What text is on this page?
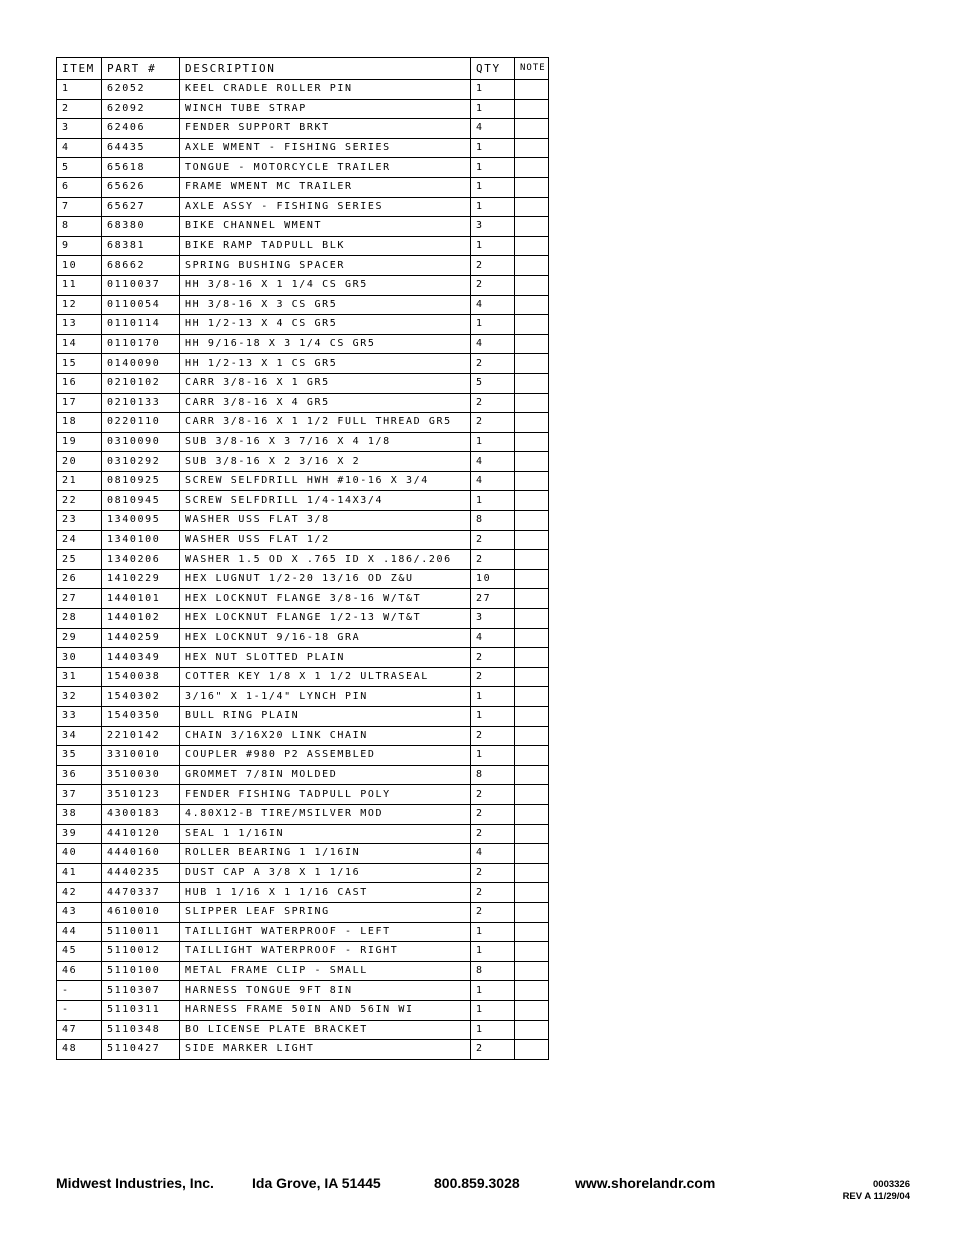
ITEM	PART #	DESCRIPTION	QTY	NOTE
1	62052	KEEL CRADLE ROLLER PIN	1	
2	62092	WINCH TUBE STRAP	1	
3	62406	FENDER SUPPORT BRKT	4	
4	64435	AXLE WMENT - FISHING SERIES	1	
5	65618	TONGUE - MOTORCYCLE TRAILER	1	
6	65626	FRAME WMENT MC TRAILER	1	
7	65627	AXLE ASSY - FISHING SERIES	1	
8	68380	BIKE CHANNEL WMENT	3	
9	68381	BIKE RAMP TADPULL BLK	1	
10	68662	SPRING BUSHING SPACER	2	
11	0110037	HH 3/8-16 X 1 1/4 CS GR5	2	
12	0110054	HH 3/8-16 X 3 CS GR5	4	
13	0110114	HH 1/2-13 X 4 CS GR5	1	
14	0110170	HH 9/16-18 X 3 1/4 CS GR5	4	
15	0140090	HH 1/2-13 X 1 CS GR5	2	
16	0210102	CARR 3/8-16 X 1 GR5	5	
17	0210133	CARR 3/8-16 X 4 GR5	2	
18	0220110	CARR 3/8-16 X 1 1/2 FULL THREAD GR5	2	
19	0310090	SUB 3/8-16 X 3 7/16 X 4 1/8	1	
20	0310292	SUB 3/8-16 X 2 3/16 X 2	4	
21	0810925	SCREW SELFDRILL HWH #10-16 X 3/4	4	
22	0810945	SCREW SELFDRILL 1/4-14X3/4	1	
23	1340095	WASHER USS FLAT 3/8	8	
24	1340100	WASHER USS FLAT 1/2	2	
25	1340206	WASHER 1.5 OD X .765 ID X .186/.206	2	
26	1410229	HEX LUGNUT 1/2-20 13/16 OD Z&U	10	
27	1440101	HEX LOCKNUT FLANGE 3/8-16 W/T&T	27	
28	1440102	HEX LOCKNUT FLANGE 1/2-13 W/T&T	3	
29	1440259	HEX LOCKNUT 9/16-18 GRA	4	
30	1440349	HEX NUT SLOTTED PLAIN	2	
31	1540038	COTTER KEY 1/8 X 1 1/2 ULTRASEAL	2	
32	1540302	3/16" X 1-1/4" LYNCH PIN	1	
33	1540350	BULL RING PLAIN	1	
34	2210142	CHAIN 3/16X20 LINK CHAIN	2	
35	3310010	COUPLER #980 P2 ASSEMBLED	1	
36	3510030	GROMMET 7/8IN MOLDED	8	
37	3510123	FENDER FISHING TADPULL POLY	2	
38	4300183	4.80X12-B TIRE/MSILVER MOD	2	
39	4410120	SEAL 1 1/16IN	2	
40	4440160	ROLLER BEARING 1 1/16IN	4	
41	4440235	DUST CAP A 3/8 X 1 1/16	2	
42	4470337	HUB 1 1/16 X 1 1/16 CAST	2	
43	4610010	SLIPPER LEAF SPRING	2	
44	5110011	TAILLIGHT WATERPROOF - LEFT	1	
45	5110012	TAILLIGHT WATERPROOF - RIGHT	1	
46	5110100	METAL FRAME CLIP - SMALL	8	
-	5110307	HARNESS TONGUE 9FT 8IN	1	
-	5110311	HARNESS FRAME 50IN AND 56IN WI	1	
47	5110348	BO LICENSE PLATE BRACKET	1	
48	5110427	SIDE MARKER LIGHT	2	
Midwest Industries, Inc.	Ida Grove, IA 51445	800.859.3028	www.shorelandr.com	0003326
REV A 11/29/04
